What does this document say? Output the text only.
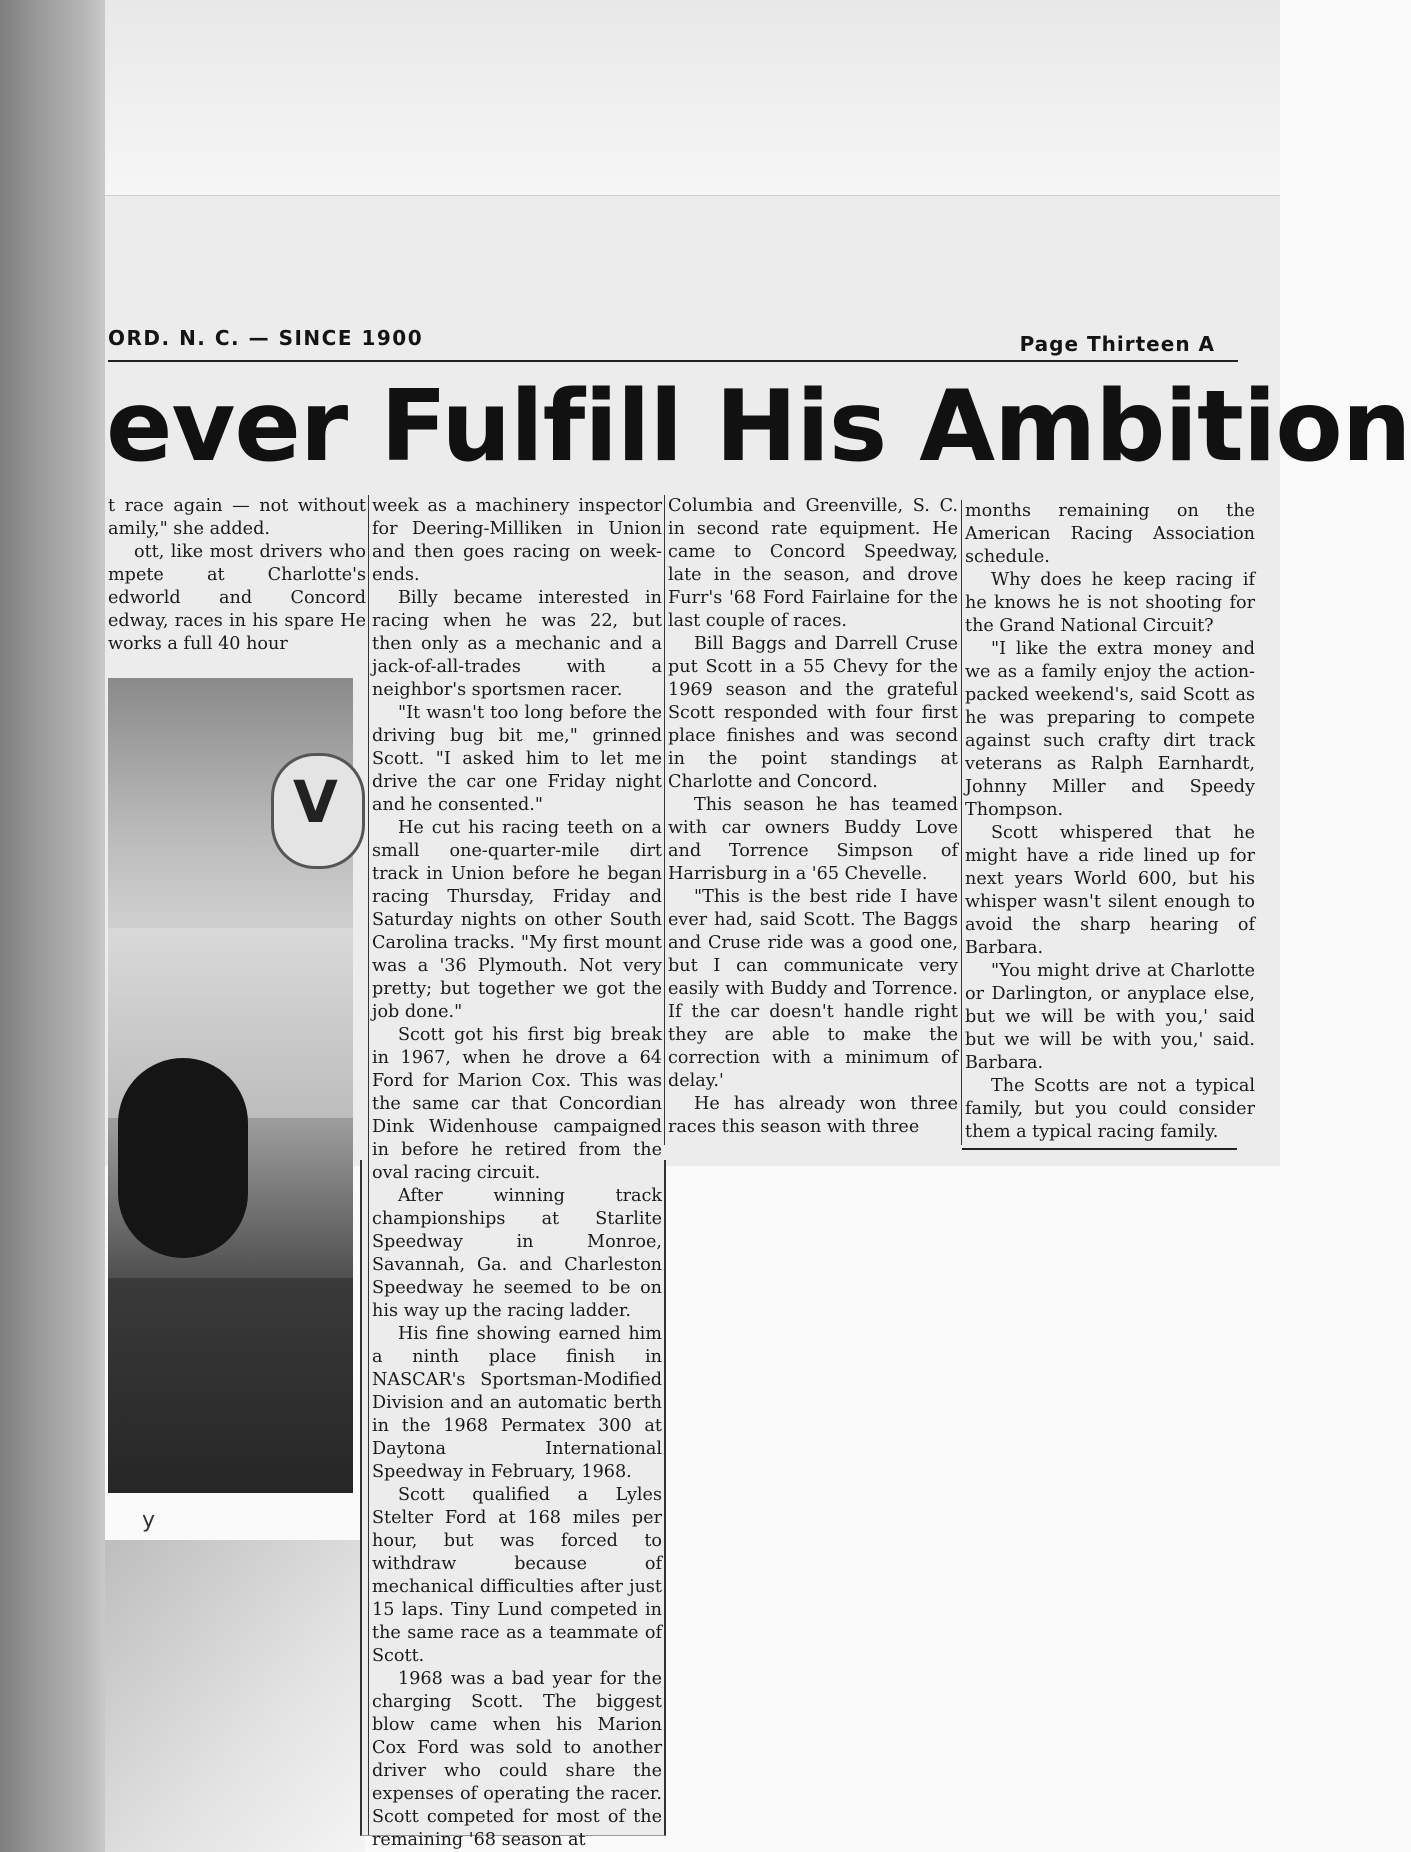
ORD. N. C. — SINCE 1900	Page Thirteen A
ever Fulfill His Ambition

t race again — not without amily," she added.

ott, like most drivers who mpete at Charlotte's edworld and Concord edway, races in his spare He works a full 40 hour

V
y

week as a machinery inspector for Deering-Milliken in Union and then goes racing on week-ends.

Billy became interested in racing when he was 22, but then only as a mechanic and a jack-of-all-trades with a neighbor's sportsmen racer.

"It wasn't too long before the driving bug bit me," grinned Scott. "I asked him to let me drive the car one Friday night and he consented."

He cut his racing teeth on a small one-quarter-mile dirt track in Union before he began racing Thursday, Friday and Saturday nights on other South Carolina tracks. "My first mount was a '36 Plymouth. Not very pretty; but together we got the job done."

Scott got his first big break in 1967, when he drove a 64 Ford for Marion Cox. This was the same car that Concordian Dink Widenhouse campaigned in before he retired from the oval racing circuit.

After winning track championships at Starlite Speedway in Monroe, Savannah, Ga. and Charleston Speedway he seemed to be on his way up the racing ladder.

His fine showing earned him a ninth place finish in NASCAR's Sportsman-Modified Division and an automatic berth in the 1968 Permatex 300 at Daytona International Speedway in February, 1968.

Scott qualified a Lyles Stelter Ford at 168 miles per hour, but was forced to withdraw because of mechanical difficulties after just 15 laps. Tiny Lund competed in the same race as a teammate of Scott.

1968 was a bad year for the charging Scott. The biggest blow came when his Marion Cox Ford was sold to another driver who could share the expenses of operating the racer. Scott competed for most of the remaining '68 season at

Columbia and Greenville, S. C. in second rate equipment. He came to Concord Speedway, late in the season, and drove Furr's '68 Ford Fairlaine for the last couple of races.

Bill Baggs and Darrell Cruse put Scott in a 55 Chevy for the 1969 season and the grateful Scott responded with four first place finishes and was second in the point standings at Charlotte and Concord.

This season he has teamed with car owners Buddy Love and Torrence Simpson of Harrisburg in a '65 Chevelle.

"This is the best ride I have ever had, said Scott. The Baggs and Cruse ride was a good one, but I can communicate very easily with Buddy and Torrence. If the car doesn't handle right they are able to make the correction with a minimum of delay.'

He has already won three races this season with three

months remaining on the American Racing Association schedule.

Why does he keep racing if he knows he is not shooting for the Grand National Circuit?

"I like the extra money and we as a family enjoy the action-packed weekend's, said Scott as he was preparing to compete against such crafty dirt track veterans as Ralph Earnhardt, Johnny Miller and Speedy Thompson.

Scott whispered that he might have a ride lined up for next years World 600, but his whisper wasn't silent enough to avoid the sharp hearing of Barbara.

"You might drive at Charlotte or Darlington, or anyplace else, but we will be with you,' said but we will be with you,' said. Barbara.

The Scotts are not a typical family, but you could consider them a typical racing family.
